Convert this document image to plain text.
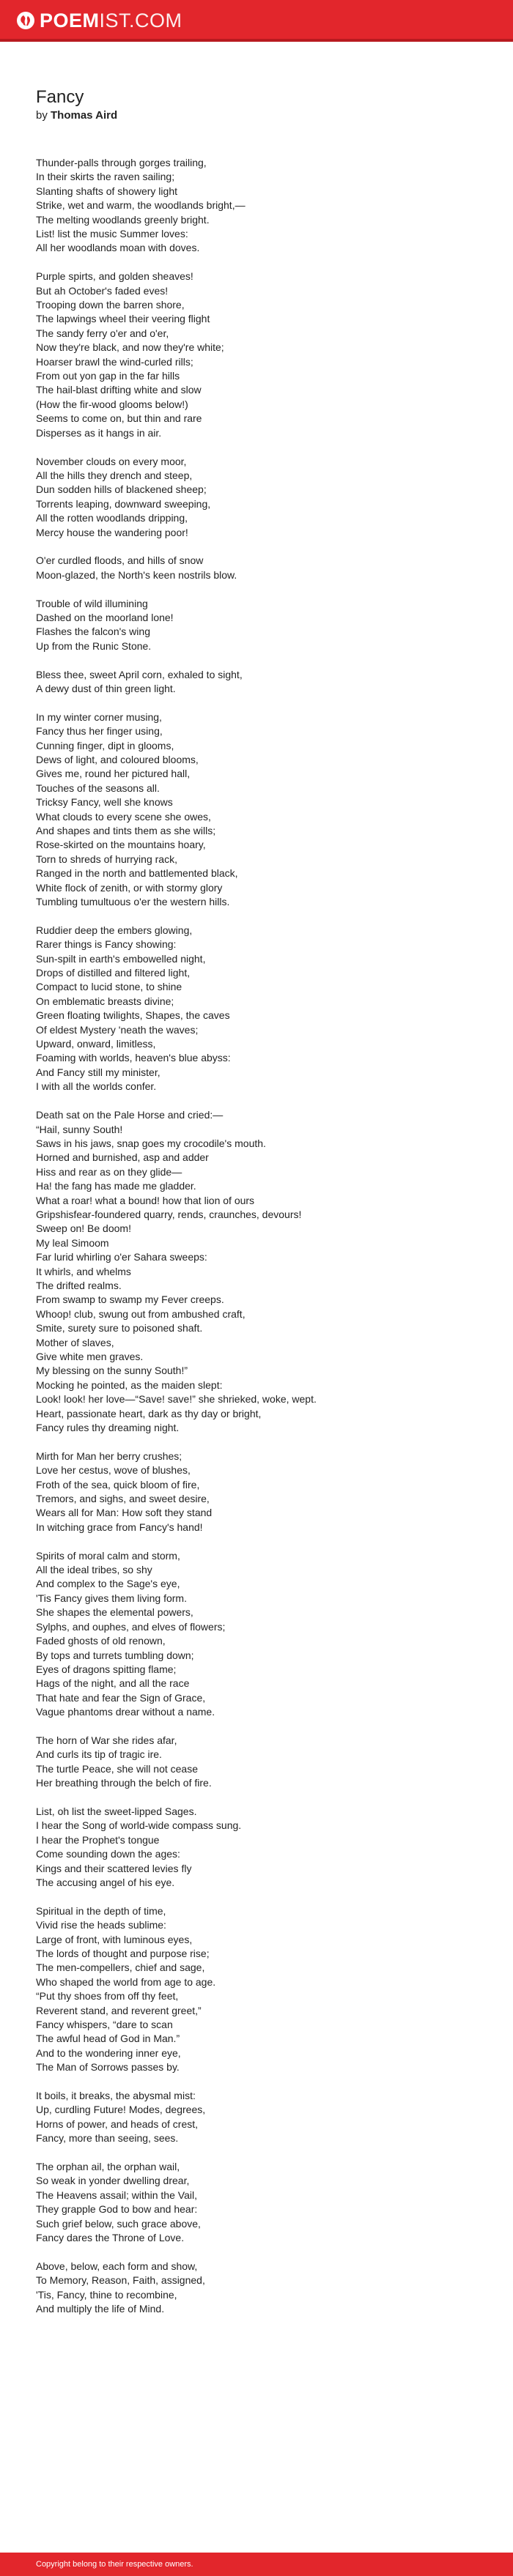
POEMIST.COM
Fancy

by Thomas Aird

Thunder-palls through gorges trailing,
In their skirts the raven sailing;
Slanting shafts of showery light
Strike, wet and warm, the woodlands bright,—
The melting woodlands greenly bright.
List! list the music Summer loves:
All her woodlands moan with doves.
Purple spirts, and golden sheaves!
But ah October's faded eves!
Trooping down the barren shore,
The lapwings wheel their veering flight
The sandy ferry o'er and o'er,
Now they're black, and now they're white;
Hoarser brawl the wind-curled rills;
From out yon gap in the far hills
The hail-blast drifting white and slow
(How the fir-wood glooms below!)
Seems to come on, but thin and rare
Disperses as it hangs in air.
November clouds on every moor,
All the hills they drench and steep,
Dun sodden hills of blackened sheep;
Torrents leaping, downward sweeping,
All the rotten woodlands dripping,
Mercy house the wandering poor!
O'er curdled floods, and hills of snow
Moon-glazed, the North's keen nostrils blow.
Trouble of wild illumining
Dashed on the moorland lone!
Flashes the falcon's wing
Up from the Runic Stone.
Bless thee, sweet April corn, exhaled to sight,
A dewy dust of thin green light.
In my winter corner musing,
Fancy thus her finger using,
Cunning finger, dipt in glooms,
Dews of light, and coloured blooms,
Gives me, round her pictured hall,
Touches of the seasons all.
Tricksy Fancy, well she knows
What clouds to every scene she owes,
And shapes and tints them as she wills;
Rose-skirted on the mountains hoary,
Torn to shreds of hurrying rack,
Ranged in the north and battlemented black,
White flock of zenith, or with stormy glory
Tumbling tumultuous o'er the western hills.
Ruddier deep the embers glowing,
Rarer things is Fancy showing:
Sun-spilt in earth's embowelled night,
Drops of distilled and filtered light,
Compact to lucid stone, to shine
On emblematic breasts divine;
Green floating twilights, Shapes, the caves
Of eldest Mystery 'neath the waves;
Upward, onward, limitless,
Foaming with worlds, heaven's blue abyss:
And Fancy still my minister,
I with all the worlds confer.
Death sat on the Pale Horse and cried:—
“Hail, sunny South!
Saws in his jaws, snap goes my crocodile's mouth.
Horned and burnished, asp and adder
Hiss and rear as on they glide—
Ha! the fang has made me gladder.
What a roar! what a bound! how that lion of ours
Gripshisfear-foundered quarry, rends, craunches, devours!
Sweep on! Be doom!
My leal Simoom
Far lurid whirling o'er Sahara sweeps:
It whirls, and whelms
The drifted realms.
From swamp to swamp my Fever creeps.
Whoop! club, swung out from ambushed craft,
Smite, surety sure to poisoned shaft.
Mother of slaves,
Give white men graves.
My blessing on the sunny South!”
Mocking he pointed, as the maiden slept:
Look! look! her love—“Save! save!” she shrieked, woke, wept.
Heart, passionate heart, dark as thy day or bright,
Fancy rules thy dreaming night.
Mirth for Man her berry crushes;
Love her cestus, wove of blushes,
Froth of the sea, quick bloom of fire,
Tremors, and sighs, and sweet desire,
Wears all for Man: How soft they stand
In witching grace from Fancy's hand!
Spirits of moral calm and storm,
All the ideal tribes, so shy
And complex to the Sage's eye,
'Tis Fancy gives them living form.
She shapes the elemental powers,
Sylphs, and ouphes, and elves of flowers;
Faded ghosts of old renown,
By tops and turrets tumbling down;
Eyes of dragons spitting flame;
Hags of the night, and all the race
That hate and fear the Sign of Grace,
Vague phantoms drear without a name.
The horn of War she rides afar,
And curls its tip of tragic ire.
The turtle Peace, she will not cease
Her breathing through the belch of fire.
List, oh list the sweet-lipped Sages.
I hear the Song of world-wide compass sung.
I hear the Prophet's tongue
Come sounding down the ages:
Kings and their scattered levies fly
The accusing angel of his eye.
Spiritual in the depth of time,
Vivid rise the heads sublime:
Large of front, with luminous eyes,
The lords of thought and purpose rise;
The men-compellers, chief and sage,
Who shaped the world from age to age.
“Put thy shoes from off thy feet,
Reverent stand, and reverent greet,”
Fancy whispers, “dare to scan
The awful head of God in Man.”
And to the wondering inner eye,
The Man of Sorrows passes by.
It boils, it breaks, the abysmal mist:
Up, curdling Future! Modes, degrees,
Horns of power, and heads of crest,
Fancy, more than seeing, sees.
The orphan ail, the orphan wail,
So weak in yonder dwelling drear,
The Heavens assail; within the Vail,
They grapple God to bow and hear:
Such grief below, such grace above,
Fancy dares the Throne of Love.
Above, below, each form and show,
To Memory, Reason, Faith, assigned,
'Tis, Fancy, thine to recombine,
And multiply the life of Mind.
Copyright belong to their respective owners.
